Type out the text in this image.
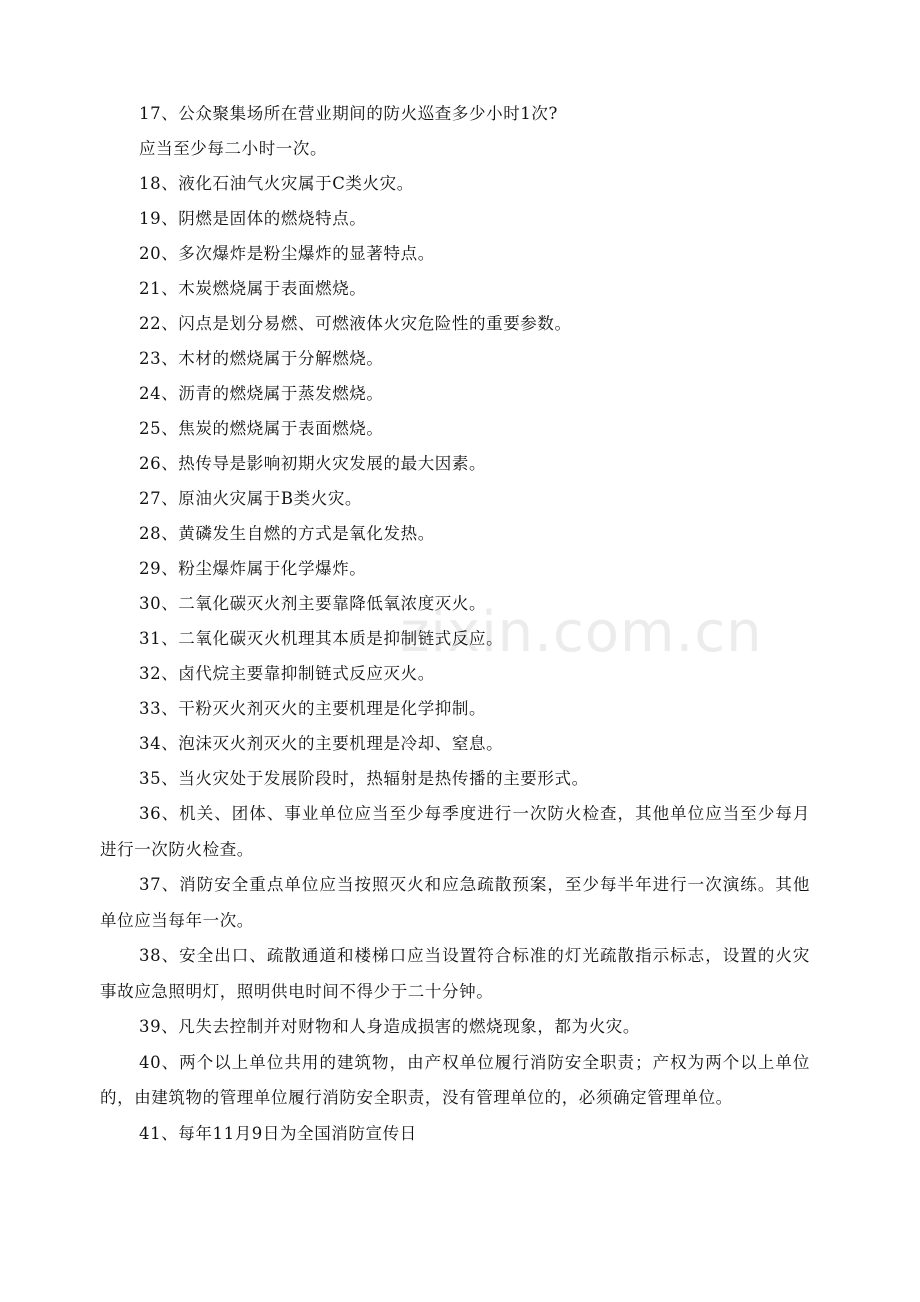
zixin.com.cn
17、公众聚集场所在营业期间的防火巡查多少小时1次?
应当至少每二小时一次。
18、液化石油气火灾属于C类火灾。
19、阴燃是固体的燃烧特点。
20、多次爆炸是粉尘爆炸的显著特点。
21、木炭燃烧属于表面燃烧。
22、闪点是划分易燃、可燃液体火灾危险性的重要参数。
23、木材的燃烧属于分解燃烧。
24、沥青的燃烧属于蒸发燃烧。
25、焦炭的燃烧属于表面燃烧。
26、热传导是影响初期火灾发展的最大因素。
27、原油火灾属于B类火灾。
28、黄磷发生自燃的方式是氧化发热。
29、粉尘爆炸属于化学爆炸。
30、二氧化碳灭火剂主要靠降低氧浓度灭火。
31、二氧化碳灭火机理其本质是抑制链式反应。
32、卤代烷主要靠抑制链式反应灭火。
33、干粉灭火剂灭火的主要机理是化学抑制。
34、泡沫灭火剂灭火的主要机理是冷却、窒息。
35、当火灾处于发展阶段时，热辐射是热传播的主要形式。
36、机关、团体、事业单位应当至少每季度进行一次防火检查，其他单位应当至少每月进行一次防火检查。
37、消防安全重点单位应当按照灭火和应急疏散预案，至少每半年进行一次演练。其他单位应当每年一次。
38、安全出口、疏散通道和楼梯口应当设置符合标准的灯光疏散指示标志，设置的火灾事故应急照明灯，照明供电时间不得少于二十分钟。
39、凡失去控制并对财物和人身造成损害的燃烧现象，都为火灾。
40、两个以上单位共用的建筑物，由产权单位履行消防安全职责；产权为两个以上单位的，由建筑物的管理单位履行消防安全职责，没有管理单位的，必须确定管理单位。
41、每年11月9日为全国消防宣传日
